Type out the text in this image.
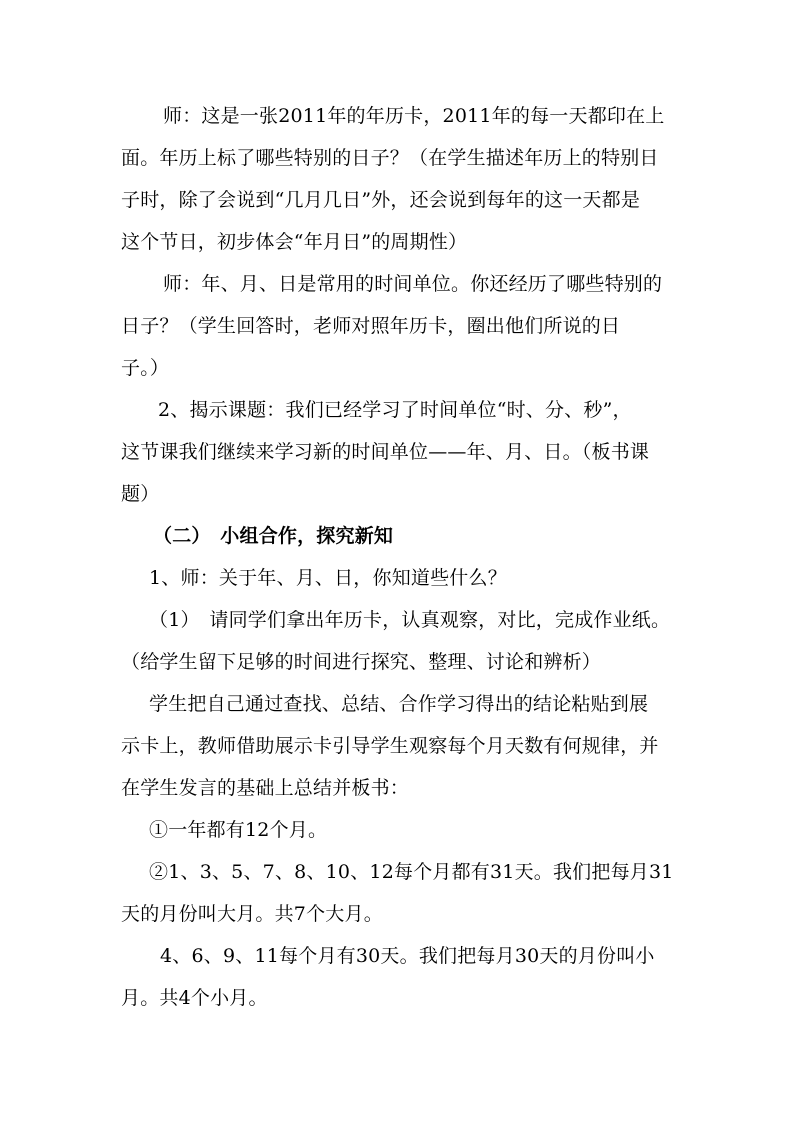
师：这是一张2011年的年历卡，2011年的每一天都印在上
面。年历上标了哪些特别的日子？（在学生描述年历上的特别日
子时，除了会说到“几月几日”外，还会说到每年的这一天都是
这个节日，初步体会“年月日”的周期性）
师：年、月、日是常用的时间单位。你还经历了哪些特别的
日子？（学生回答时，老师对照年历卡，圈出他们所说的日
子。）
2、揭示课题：我们已经学习了时间单位“时、分、秒”，
这节课我们继续来学习新的时间单位——年、月、日。（板书课
题）
（二）　小组合作，探究新知
1、师：关于年、月、日，你知道些什么？
（1）　请同学们拿出年历卡，认真观察，对比，完成作业纸。
（给学生留下足够的时间进行探究、整理、讨论和辨析）
学生把自己通过查找、总结、合作学习得出的结论粘贴到展
示卡上，教师借助展示卡引导学生观察每个月天数有何规律，并
在学生发言的基础上总结并板书：
①一年都有12个月。
②1、3、5、7、8、10、12每个月都有31天。我们把每月31
天的月份叫大月。共7个大月。
4、6、9、11每个月有30天。我们把每月30天的月份叫小
月。共4个小月。
